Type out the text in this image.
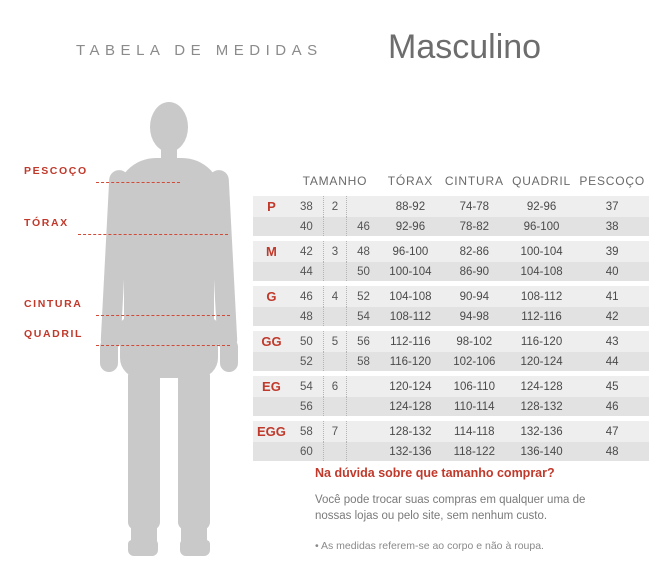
TABELA DE MEDIDAS Masculino
PESCOÇO
TÓRAX
CINTURA
QUADRIL
	TAMANHO			TÓRAX	CINTURA	QUADRIL	PESCOÇO
P	38	2		88-92	74-78	92-96	37
	40		46	92-96	78-82	96-100	38

M	42	3	48	96-100	82-86	100-104	39
	44		50	100-104	86-90	104-108	40

G	46	4	52	104-108	90-94	108-112	41
	48		54	108-112	94-98	112-116	42

GG	50	5	56	112-116	98-102	116-120	43
	52		58	116-120	102-106	120-124	44

EG	54	6		120-124	106-110	124-128	45
	56			124-128	110-114	128-132	46

EGG	58	7		128-132	114-118	132-136	47
	60			132-136	118-122	136-140	48

Na dúvida sobre que tamanho comprar?

Você pode trocar suas compras em qualquer uma de

nossas lojas ou pelo site, sem nenhum custo.

• As medidas referem-se ao corpo e não à roupa.
